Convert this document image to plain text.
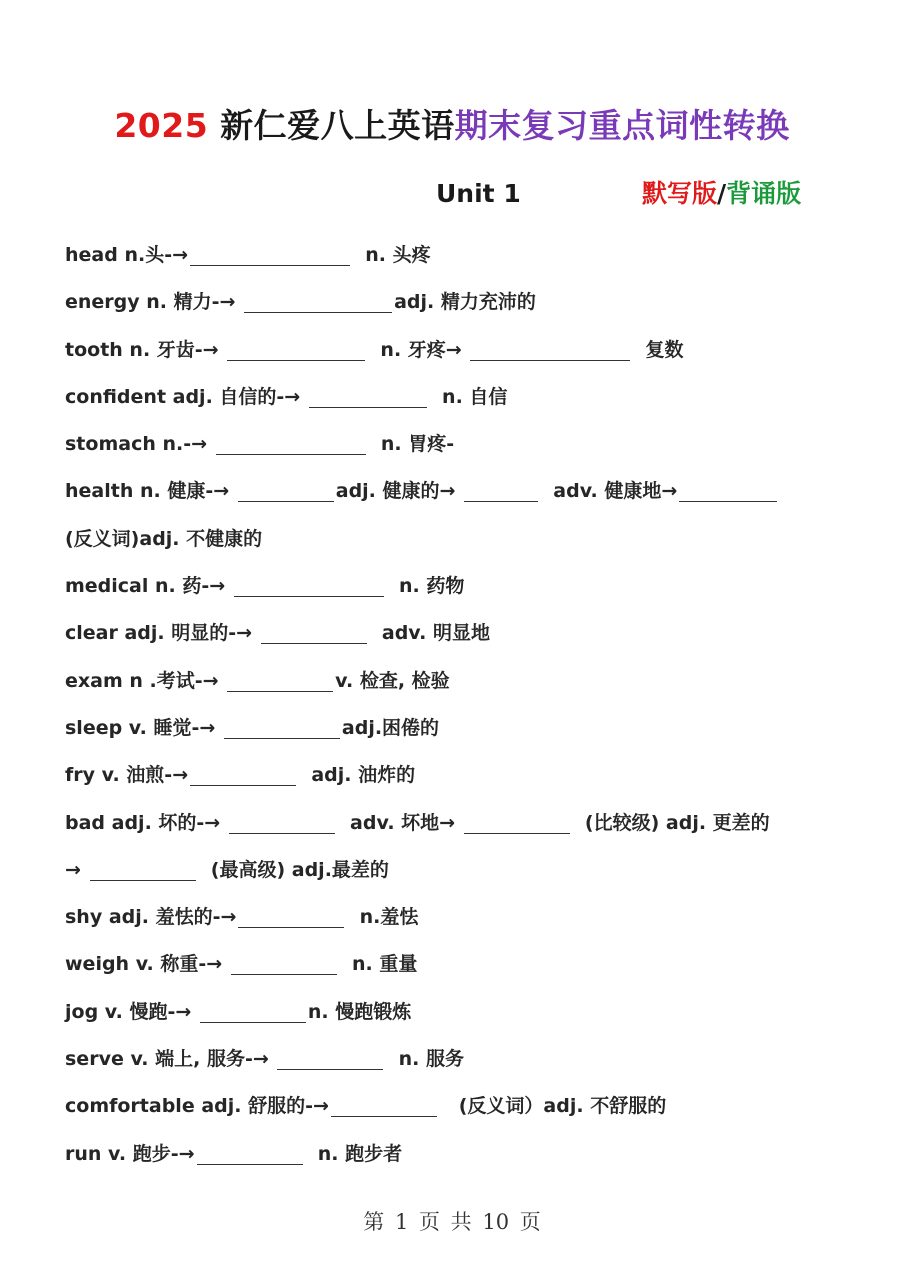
2025 新仁爱八上英语期末复习重点词性转换
Unit 1	默写版/背诵版
head n.头-→	n. 头疼
energy n. 精力-→	adj. 精力充沛的
tooth n. 牙齿-→	n. 牙疼→	复数
confident adj. 自信的-→	n. 自信
stomach n.-→	n. 胃疼-
health n. 健康-→	adj. 健康的→	adv. 健康地→
(反义词)adj. 不健康的
medical n. 药-→	n. 药物
clear adj. 明显的-→	adv. 明显地
exam n .考试-→	v. 检查, 检验
sleep v. 睡觉-→	adj.困倦的
fry v. 油煎-→	adj. 油炸的
bad adj. 坏的-→	adv. 坏地→	(比较级) adj. 更差的
→	(最高级) adj.最差的
shy adj. 羞怯的-→	n.羞怯
weigh v. 称重-→	n. 重量
jog v. 慢跑-→	n. 慢跑锻炼
serve v. 端上, 服务-→	n. 服务
comfortable adj. 舒服的-→	(反义词）adj. 不舒服的
run v. 跑步-→	n. 跑步者
第 1 页 共 10 页
